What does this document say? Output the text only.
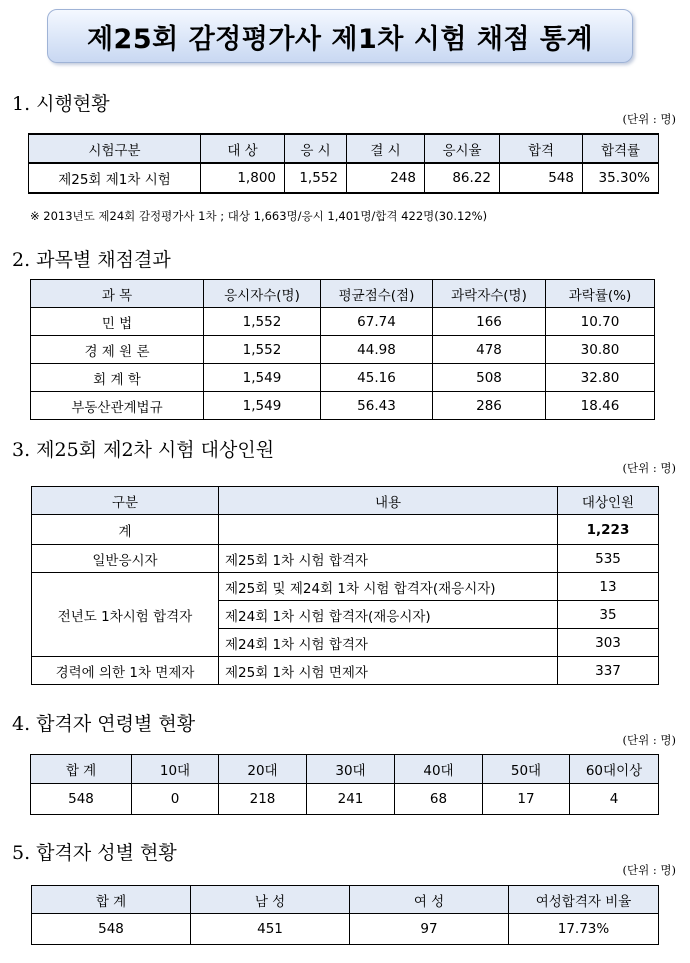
제25회 감정평가사 제1차 시험 채점 통계
1. 시행현황
(단위 : 명)
시험구분	대 상	응 시	결 시	응시율	합격	합격률
제25회 제1차 시험	1,800	1,552	248	86.22	548	35.30%
※ 2013년도 제24회 감정평가사 1차 ; 대상 1,663명/응시 1,401명/합격 422명(30.12%)
2. 과목별 채점결과
과 목	응시자수(명)	평균점수(점)	과락자수(명)	과락률(%)
민 법	1,552	67.74	166	10.70
경 제 원 론	1,552	44.98	478	30.80
회 계 학	1,549	45.16	508	32.80
부동산관계법규	1,549	56.43	286	18.46
3. 제25회 제2차 시험 대상인원
(단위 : 명)
구분	내용	대상인원
계		1,223
일반응시자	제25회 1차 시험 합격자	535
전년도 1차시험 합격자	제25회 및 제24회 1차 시험 합격자(재응시자)	13
	제24회 1차 시험 합격자(재응시자)	35
	제24회 1차 시험 합격자	303
경력에 의한 1차 면제자	제25회 1차 시험 면제자	337
4. 합격자 연령별 현황
(단위 : 명)
합 계	10대	20대	30대	40대	50대	60대이상
548	0	218	241	68	17	4
5. 합격자 성별 현황
(단위 : 명)
합 계	남 성	여 성	여성합격자 비율
548	451	97	17.73%
